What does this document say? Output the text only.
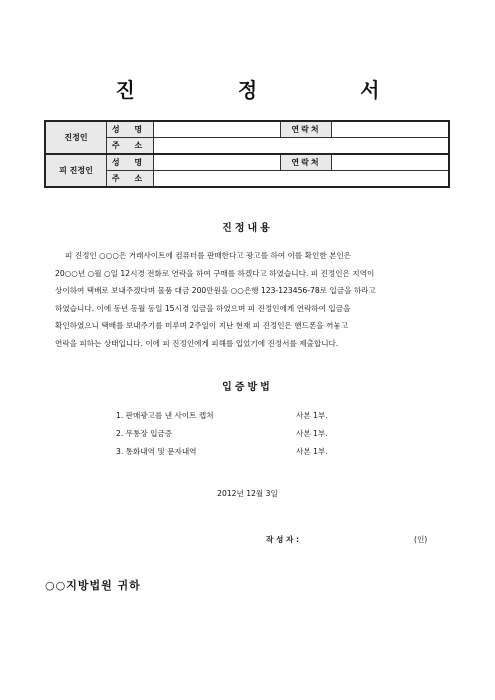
진 정 서
진정인	성 명		연락처	
	주 소			
피 진정인	성 명		연락처	
	주 소			
진정내용
피 진정인 ○○○은 거래사이트에 컴퓨터를 판매한다고 광고를 하여 이를 확인한 본인은
20○○년 ○월 ○일 12시경 전화로 연락을 하여 구매를 하겠다고 하였습니다. 피 진정인은 지역이
상이하여 택배로 보내주겠다며 물품 대금 200만원을 ○○은행 123-123456-78로 입금을 하라고
하였습니다. 이에 동년 동월 동일 15시경 입금을 하였으며 피 진정인에게 연락하여 입금을
확인하였으니 택배를 보내주기를 미루며 2주일이 지난 현재 피 진정인은 핸드폰을 꺼놓고
연락을 피하는 상태입니다. 이에 피 진정인에게 피해를 입었기에 진정서를 제출합니다.
입증방법
1. 판매광고를 낸 사이트 캡쳐	사본 1부.
2. 무통장 입금증	사본 1부.
3. 통화내역 및 문자내역	사본 1부.
2012년 12월 3일
작 성 자 :	(인)
○○지방법원 귀하
